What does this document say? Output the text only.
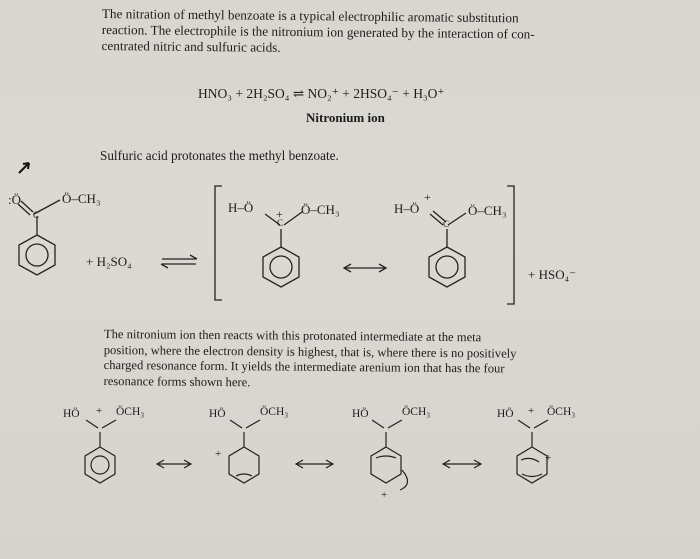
The nitration of methyl benzoate is a typical electrophilic aromatic substitution
reaction. The electrophile is the nitronium ion generated by the interaction of con-
centrated nitric and sulfuric acids.
HNO₃ + 2H₂SO₄ ⇌ NO₂⁺ + 2HSO₄⁻ + H₃O⁺
Nitronium ion
Sulfuric acid protonates the methyl benzoate.
:Ö	Ö–CH₃
C
+ H₂SO₄
H–Ö + Ö–CH₃
C
H–Ö
+
Ö–CH₃
C
+ HSO₄⁻
The nitronium ion then reacts with this protonated intermediate at the meta
position, where the electron density is highest, that is, where there is no positively
charged resonance form. It yields the intermediate arenium ion that has the four
resonance forms shown here.
HÖ + ÖCH₃	HÖ	ÖCH₃
+
HÖ	ÖCH₃
+
HÖ + ÖCH₃
+
